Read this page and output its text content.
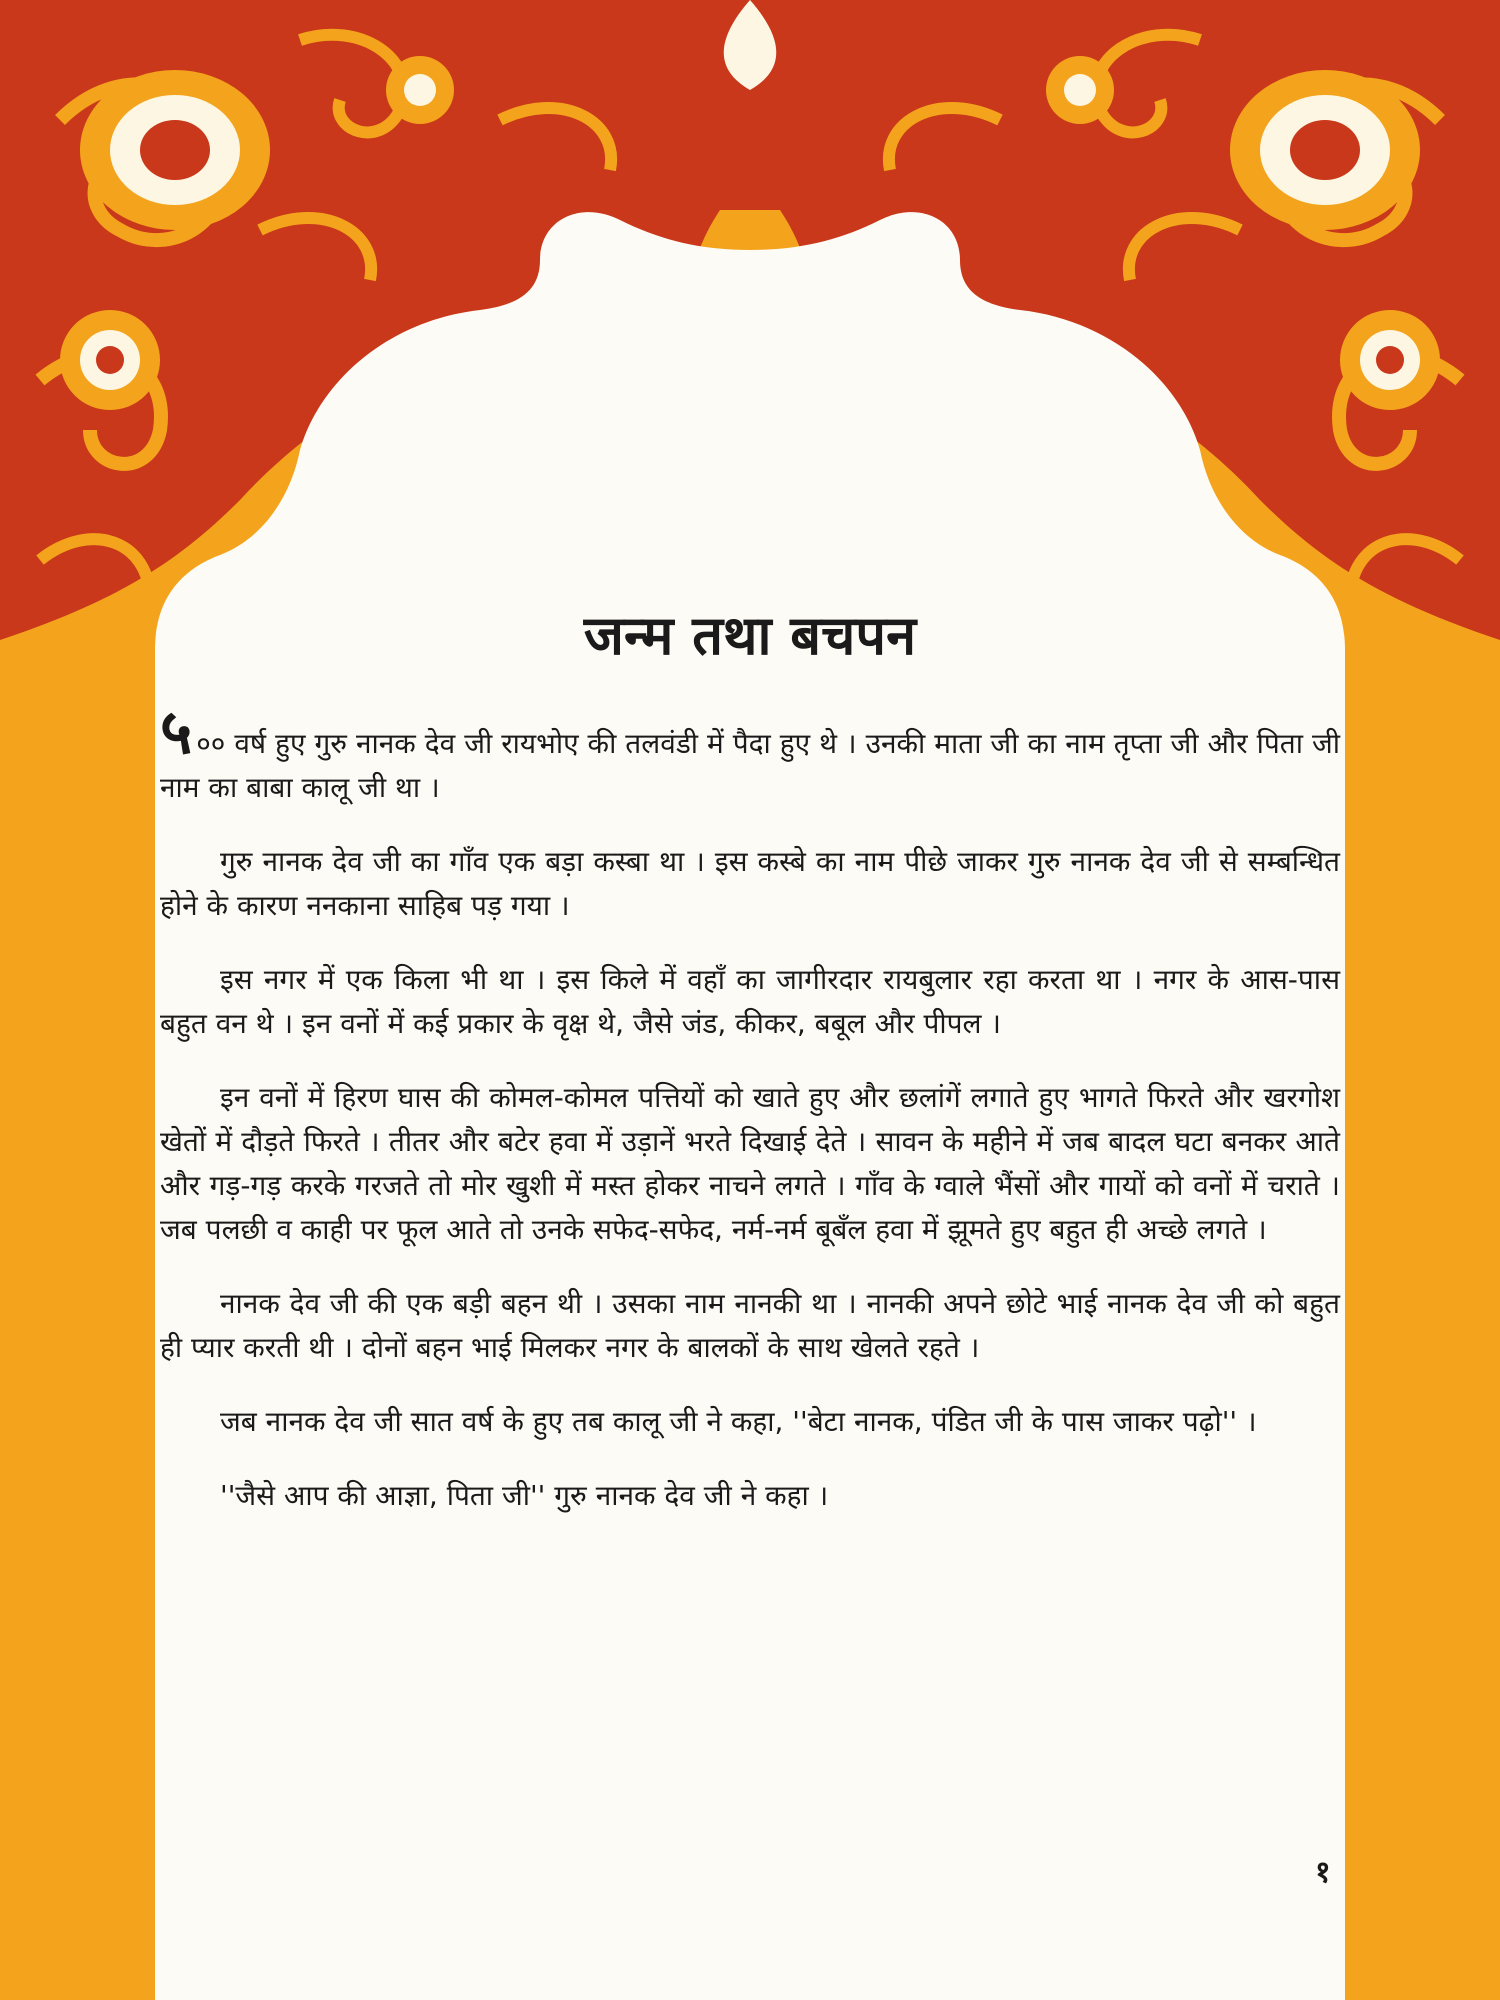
जन्म तथा बचपन

५ ०० वर्ष हुए गुरु नानक देव जी रायभोए की तलवंडी में पैदा हुए थे । उनकी माता जी का नाम तृप्ता जी और पिता जी नाम का बाबा कालू जी था ।

गुरु नानक देव जी का गाँव एक बड़ा कस्बा था । इस कस्बे का नाम पीछे जाकर गुरु नानक देव जी से सम्बन्धित होने के कारण ननकाना साहिब पड़ गया ।

इस नगर में एक किला भी था । इस किले में वहाँ का जागीरदार रायबुलार रहा करता था । नगर के आस-पास बहुत वन थे । इन वनों में कई प्रकार के वृक्ष थे, जैसे जंड, कीकर, बबूल और पीपल ।

इन वनों में हिरण घास की कोमल-कोमल पत्तियों को खाते हुए और छलांगें लगाते हुए भागते फिरते और खरगोश खेतों में दौड़ते फिरते । तीतर और बटेर हवा में उड़ानें भरते दिखाई देते । सावन के महीने में जब बादल घटा बनकर आते और गड़-गड़ करके गरजते तो मोर खुशी में मस्त होकर नाचने लगते । गाँव के ग्वाले भैंसों और गायों को वनों में चराते । जब पलछी व काही पर फूल आते तो उनके सफेद-सफेद, नर्म-नर्म बूबँल हवा में झूमते हुए बहुत ही अच्छे लगते ।

नानक देव जी की एक बड़ी बहन थी । उसका नाम नानकी था । नानकी अपने छोटे भाई नानक देव जी को बहुत ही प्यार करती थी । दोनों बहन भाई मिलकर नगर के बालकों के साथ खेलते रहते ।

जब नानक देव जी सात वर्ष के हुए तब कालू जी ने कहा, ''बेटा नानक, पंडित जी के पास जाकर पढ़ो'' ।

''जैसे आप की आज्ञा, पिता जी'' गुरु नानक देव जी ने कहा ।

१
